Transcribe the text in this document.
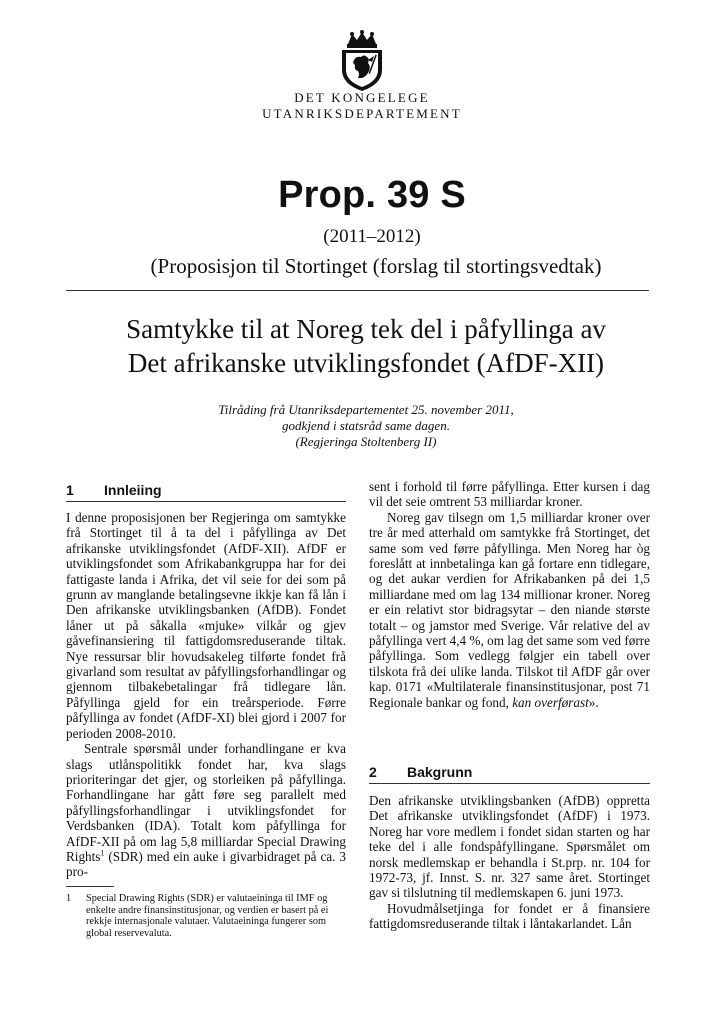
DET KONGELEGE
UTANRIKSDEPARTEMENT
Prop. 39 S
(2011–2012)
(Proposisjon til Stortinget (forslag til stortingsvedtak)
Samtykke til at Noreg tek del i påfyllinga av
Det afrikanske utviklingsfondet (AfDF-XII)
Tilråding frå Utanriksdepartementet 25. november 2011,
godkjend i statsråd same dagen.
(Regjeringa Stoltenberg II)
1 Innleiing

I denne proposisjonen ber Regjeringa om samtykke frå Stortinget til å ta del i påfyllinga av Det afrikanske utviklingsfondet (AfDF-XII). AfDF er utviklingsfondet som Afrikabankgruppa har for dei fattigaste landa i Afrika, det vil seie for dei som på grunn av manglande betalingsevne ikkje kan få lån i Den afrikanske utviklingsbanken (AfDB). Fondet låner ut på såkalla «mjuke» vilkår og gjev gåvefinansiering til fattigdomsreduserande tiltak. Nye ressursar blir hovudsakeleg tilførte fondet frå givarland som resultat av påfyllingsforhandlingar og gjennom tilbakebetalingar frå tidlegare lån. Påfyllinga gjeld for ein treårsperiode. Førre påfyllinga av fondet (AfDF-XI) blei gjord i 2007 for perioden 2008-2010.

Sentrale spørsmål under forhandlingane er kva slags utlånspolitikk fondet har, kva slags prioriteringar det gjer, og storleiken på påfyllinga. Forhandlingane har gått føre seg parallelt med påfyllingsforhandlingar i utviklingsfondet for Verdsbanken (IDA). Totalt kom påfyllinga for AfDF-XII på om lag 5,8 milliardar Special Drawing Rights$^1$ (SDR) med ein auke i givarbidraget på ca. 3 pro-

1 Special Drawing Rights (SDR) er valutaeininga til IMF og enkelte andre finansinstitusjonar, og verdien er basert på ei rekkje internasjonale valutaer. Valutaeininga fungerer som global reservevaluta.

sent i forhold til førre påfyllinga. Etter kursen i dag vil det seie omtrent 53 milliardar kroner.

Noreg gav tilsegn om 1,5 milliardar kroner over tre år med atterhald om samtykke frå Stortinget, det same som ved førre påfyllinga. Men Noreg har òg foreslått at innbetalinga kan gå fortare enn tidlegare, og det aukar verdien for Afrikabanken på dei 1,5 milliardane med om lag 134 millionar kroner. Noreg er ein relativt stor bidragsytar – den niande største totalt – og jamstor med Sverige. Vår relative del av påfyllinga vert 4,4 %, om lag det same som ved førre påfyllinga. Som vedlegg følgjer ein tabell over tilskota frå dei ulike landa. Tilskot til AfDF går over kap. 0171 «Multilaterale finansinstitusjonar, post 71 Regionale bankar og fond, kan overførast».

2 Bakgrunn

Den afrikanske utviklingsbanken (AfDB) oppretta Det afrikanske utviklingsfondet (AfDF) i 1973. Noreg har vore medlem i fondet sidan starten og har teke del i alle fondspåfyllingane. Spørsmålet om norsk medlemskap er behandla i St.prp. nr. 104 for 1972-73, jf. Innst. S. nr. 327 same året. Stortinget gav si tilslutning til medlemskapen 6. juni 1973.

Hovudmålsetjinga for fondet er å finansiere fattigdomsreduserande tiltak i låntakarlandet. Lån
